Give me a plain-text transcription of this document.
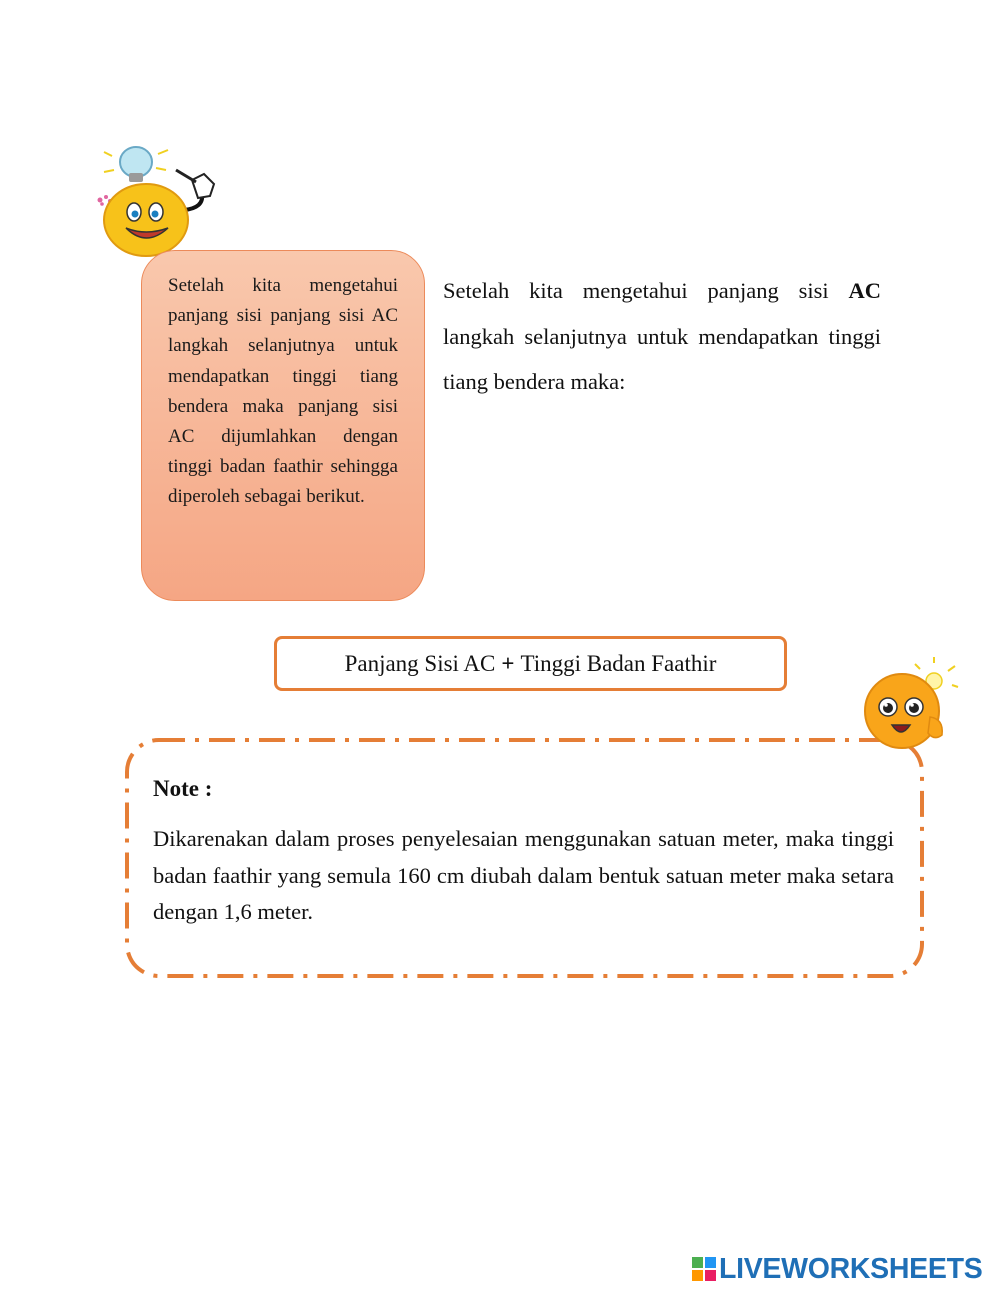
Setelah kita mengetahui panjang sisi panjang sisi AC langkah selanjutnya untuk mendapatkan tinggi tiang bendera maka panjang sisi AC dijumlahkan dengan tinggi badan faathir sehingga diperoleh sebagai berikut.

Setelah kita mengetahui panjang sisi AC langkah selanjutnya untuk mendapatkan tinggi tiang bendera maka:

Panjang Sisi AC + Tinggi Badan Faathir

Note :

Dikarenakan dalam proses penyelesaian menggunakan satuan meter, maka tinggi badan faathir yang semula 160 cm diubah dalam bentuk satuan meter maka setara dengan 1,6 meter.

LIVEWORKSHEETS
